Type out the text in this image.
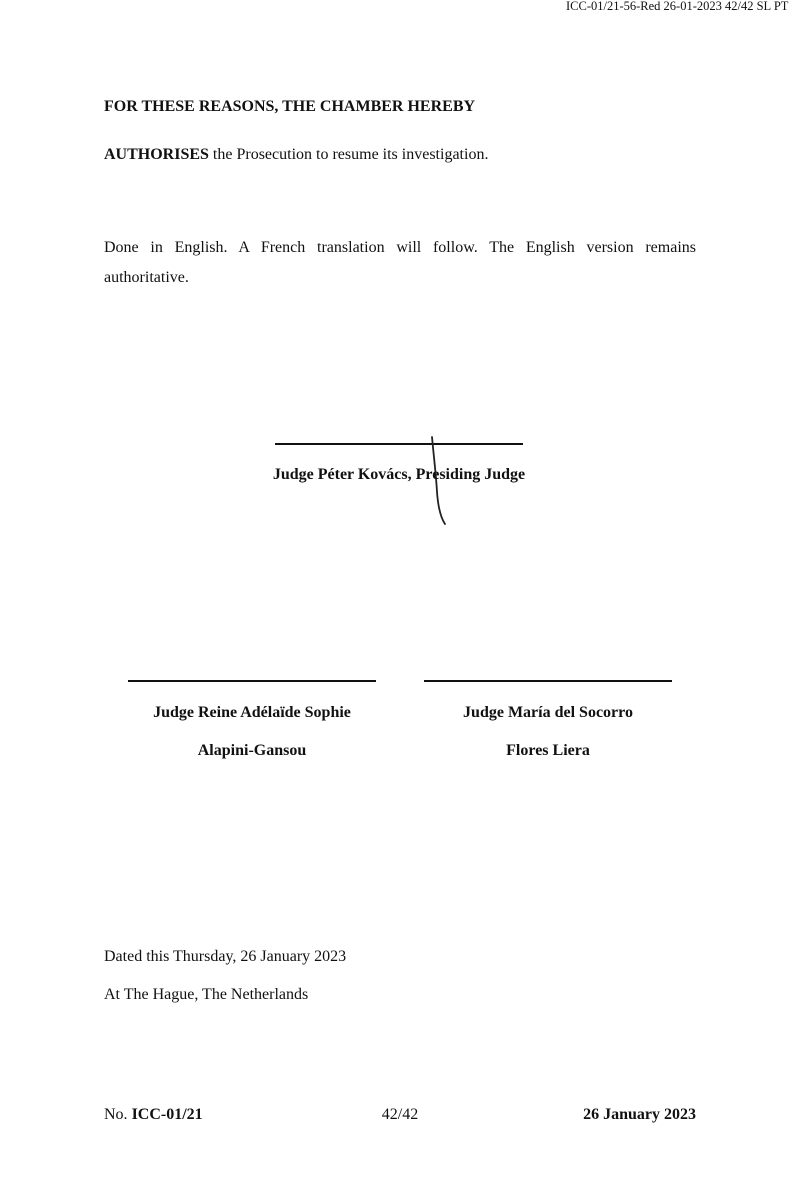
ICC-01/21-56-Red 26-01-2023 42/42 SL PT
FOR THESE REASONS, THE CHAMBER HEREBY
AUTHORISES the Prosecution to resume its investigation.
Done in English. A French translation will follow. The English version remains authoritative.
Judge Péter Kovács, Presiding Judge
Judge Reine Adélaïde Sophie
Alapini-Gansou
Judge María del Socorro
Flores Liera
Dated this Thursday, 26 January 2023
At The Hague, The Netherlands
No. ICC-01/21	42/42	26 January 2023
